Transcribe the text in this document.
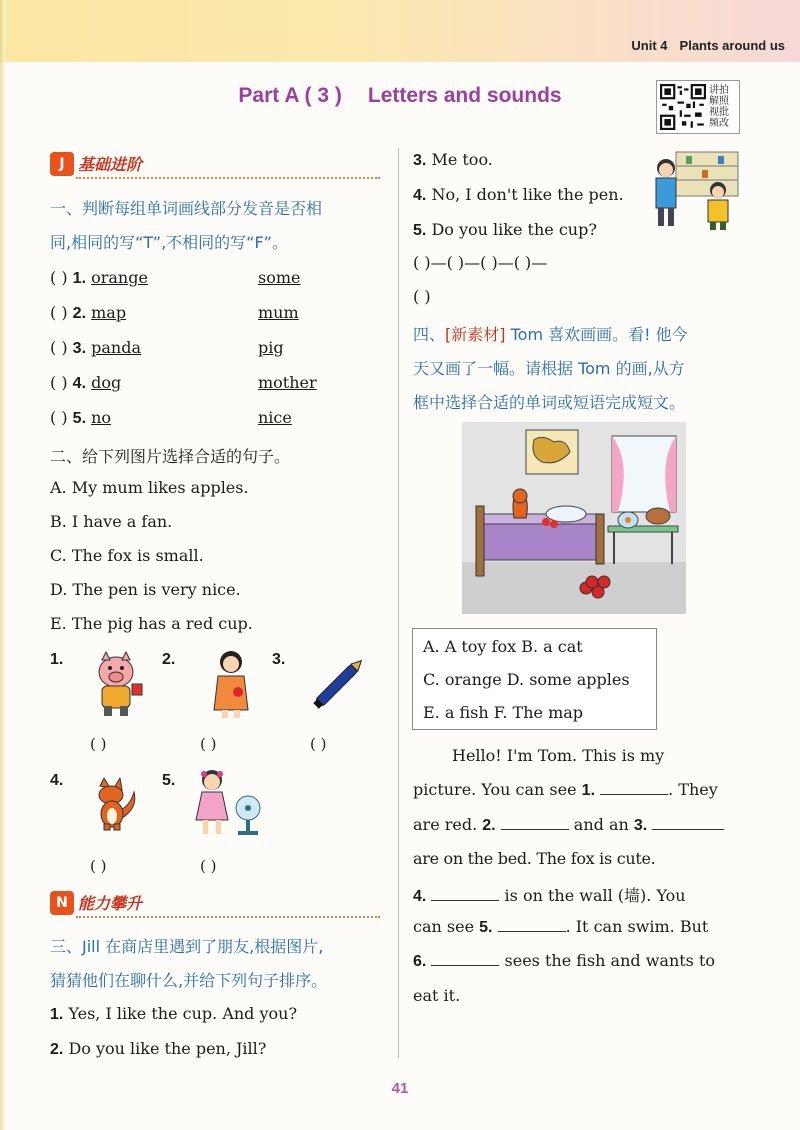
Unit 4 Plants around us
Part A ( 3 ) Letters and sounds	讲拍解照视批频改
J 基础进阶
一、判断每组单词画线部分发音是否相
同,相同的写“T”,不相同的写“F”。
( ) 1. orange	some
( ) 2. map	mum
( ) 3. panda	pig
( ) 4. dog	mother
( ) 5. no	nice
二、给下列图片选择合适的句子。
A. My mum likes apples.
B. I have a fan.
C. The fox is small.
D. The pen is very nice.
E. The pig has a red cup.
1.	2.	3.
( )	( )	( )
4.	5.
( )	( )
N 能力攀升
三、Jill 在商店里遇到了朋友,根据图片,
猜猜他们在聊什么,并给下列句子排序。
1. Yes, I like the cup. And you?
2. Do you like the pen, Jill?
3. Me too.
4. No, I don't like the pen.
5. Do you like the cup?
( )—( )—( )—( )—
( )
四、[新素材] Tom 喜欢画画。看! 他今
天又画了一幅。请根据 Tom 的画,从方
框中选择合适的单词或短语完成短文。
A. A toy fox B. a cat
C. orange D. some apples
E. a fish F. The map
Hello! I'm Tom. This is my
picture. You can see 1.	. They
are red. 2.	and an 3.
are on the bed. The fox is cute.
4.	is on the wall (墙). You
can see 5.	. It can swim. But
6.	sees the fish and wants to
eat it.
41
